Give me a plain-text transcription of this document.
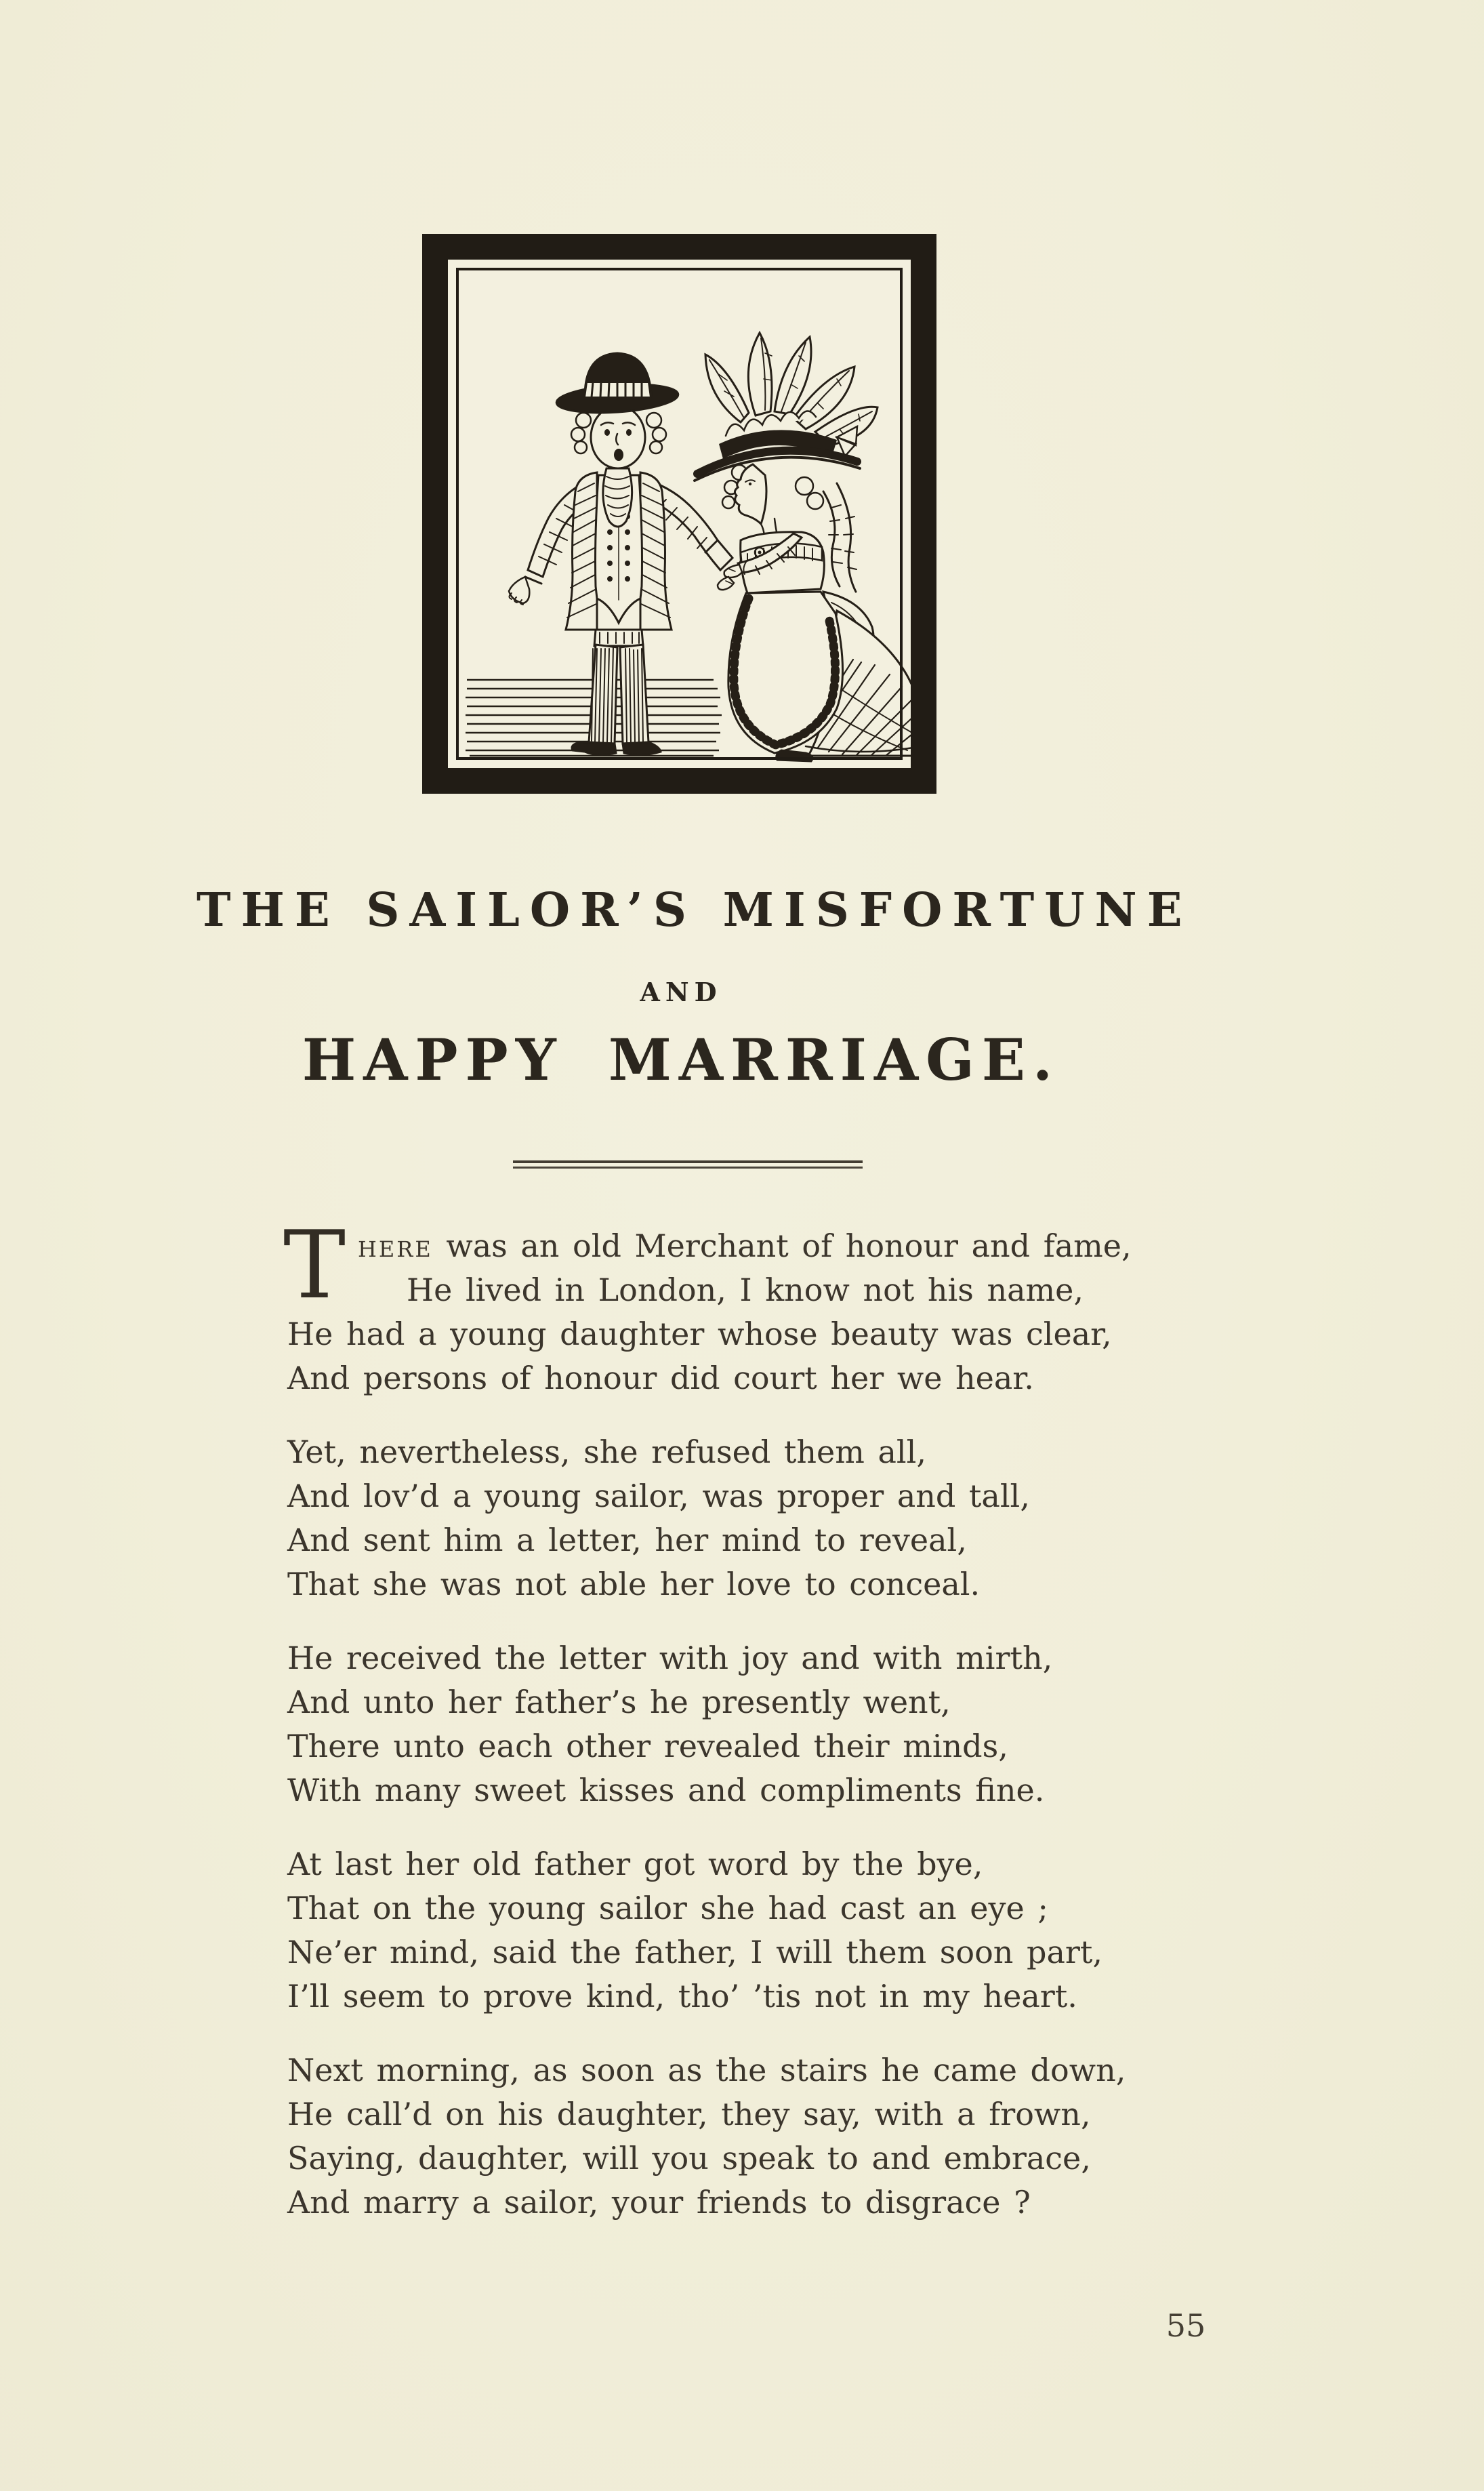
THE SAILOR’S MISFORTUNE
AND
HAPPY MARRIAGE.
T HERE was an old Merchant of honour and fame,
He lived in London, I know not his name,
He had a young daughter whose beauty was clear,
And persons of honour did court her we hear.
Yet, nevertheless, she refused them all,
And lov’d a young sailor, was proper and tall,
And sent him a letter, her mind to reveal,
That she was not able her love to conceal.
He received the letter with joy and with mirth,
And unto her father’s he presently went,
There unto each other revealed their minds,
With many sweet kisses and compliments fine.
At last her old father got word by the bye,
That on the young sailor she had cast an eye ;
Ne’er mind, said the father, I will them soon part,
I’ll seem to prove kind, tho’ ’tis not in my heart.
Next morning, as soon as the stairs he came down,
He call’d on his daughter, they say, with a frown,
Saying, daughter, will you speak to and embrace,
And marry a sailor, your friends to disgrace ?
55
